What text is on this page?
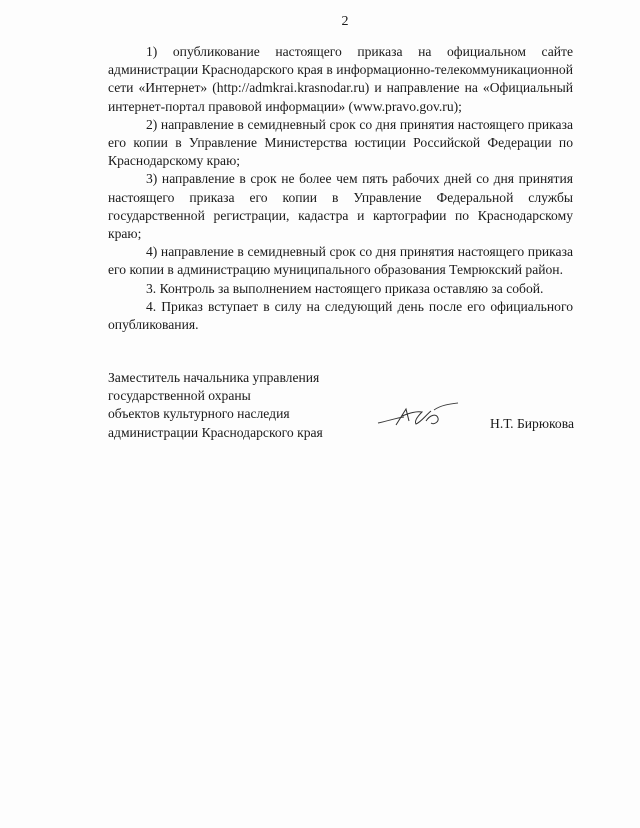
2

1) опубликование настоящего приказа на официальном сайте администрации Краснодарского края в информационно-телекоммуникационной сети «Интернет» (http://admkrai.krasnodar.ru) и направление на «Официальный интернет-портал правовой информации» (www.pravo.gov.ru);

2) направление в семидневный срок со дня принятия настоящего приказа его копии в Управление Министерства юстиции Российской Федерации по Краснодарскому краю;

3) направление в срок не более чем пять рабочих дней со дня принятия настоящего приказа его копии в Управление Федеральной службы государственной регистрации, кадастра и картографии по Краснодарскому краю;

4) направление в семидневный срок со дня принятия настоящего приказа его копии в администрацию муниципального образования Темрюкский район.

3. Контроль за выполнением настоящего приказа оставляю за собой.

4. Приказ вступает в силу на следующий день после его официального опубликования.

Заместитель начальника управления
государственной охраны
объектов культурного наследия
администрации Краснодарского края
Н.Т. Бирюкова
